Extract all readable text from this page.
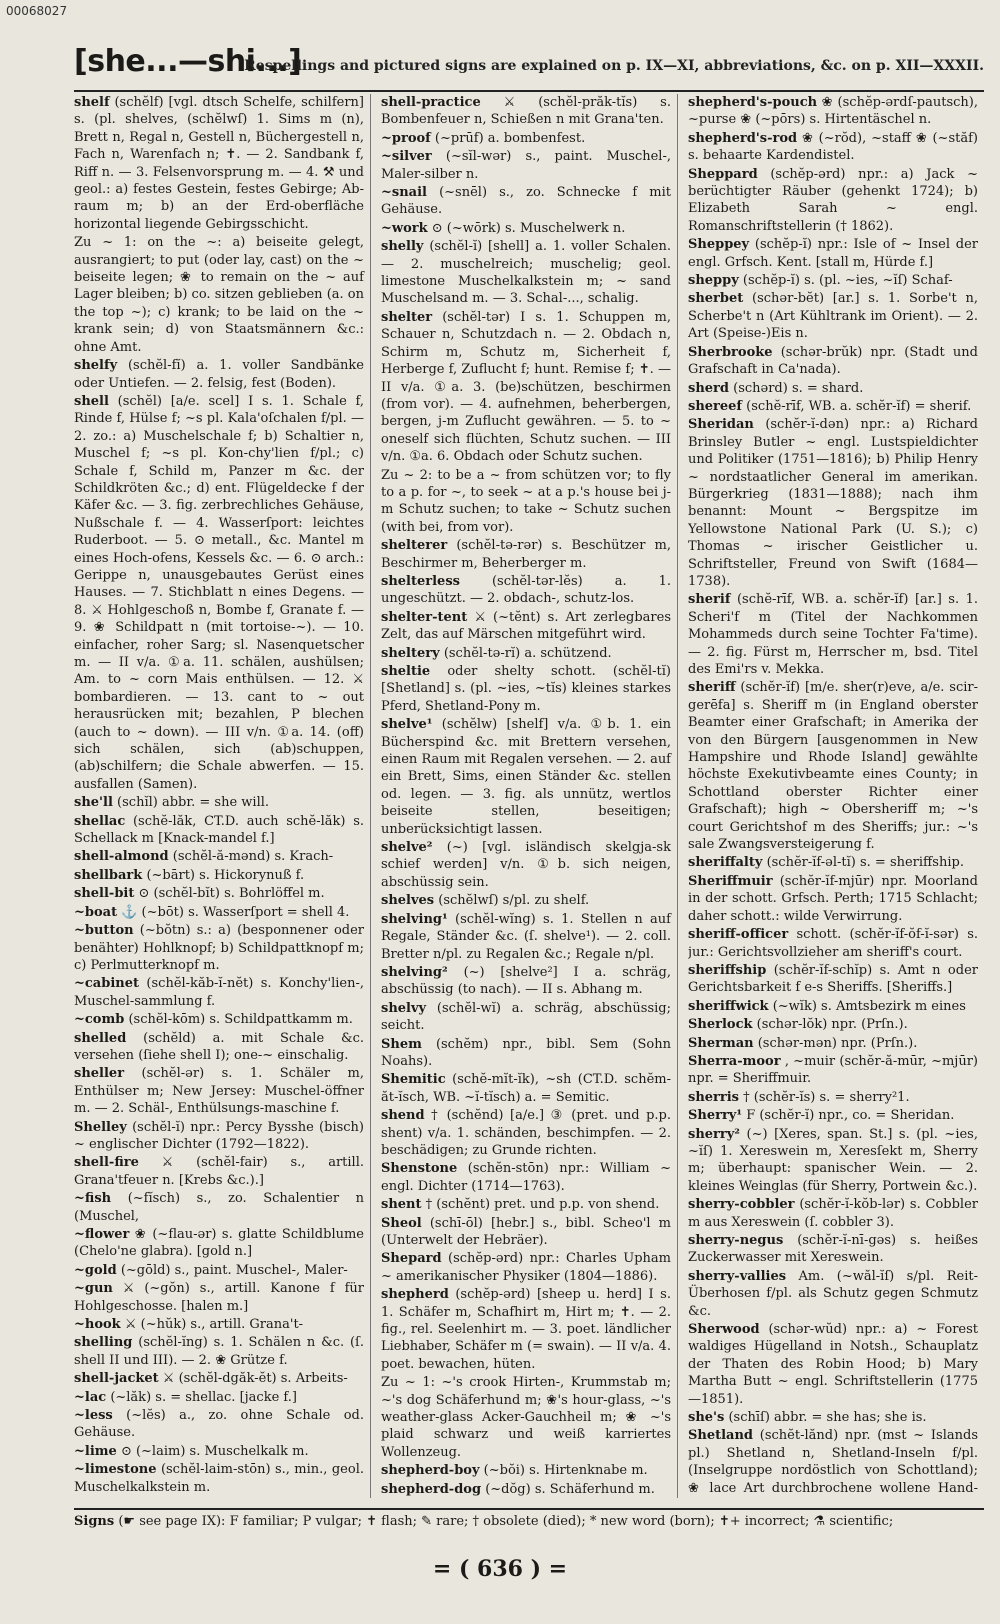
00068027
[she...—shi...]
Respellings and pictured signs are explained on p. IX—XI, abbreviations, &c. on p. XII—XXXII.

shelf (schĕlf) [vgl. dtsch Schelfe, schilfern] s. (pl. shelves, (schĕlwſ) 1. Sims m (n), Brett n, Regal n, Gestell n, Büchergestell n, Fach n, Warenfach n; ✝. — 2. Sandbank f, Riff n. — 3. Felsenvorsprung m. — 4. ⚒ und geol.: a) festes Gestein, festes Gebirge; Ab-raum m; b) an der Erd-oberfläche horizontal liegende Gebirgsschicht.

Zu ~ 1: on the ~: a) beiseite gelegt, ausrangiert; to put (oder lay, cast) on the ~ beiseite legen; ❀ to remain on the ~ auf Lager bleiben; b) co. sitzen geblieben (a. on the top ~); c) krank; to be laid on the ~ krank sein; d) von Staatsmännern &c.: ohne Amt.

shelfy (schĕl-fĭ) a. 1. voller Sandbänke oder Untiefen. — 2. felsig, fest (Boden).

shell (schĕl) [a/e. scel] I s. 1. Schale f, Rinde f, Hülse f; ~s pl. Kala'oſchalen f/pl. — 2. zo.: a) Muschelschale f; b) Schaltier n, Muschel f; ~s pl. Kon-chy'lien f/pl.; c) Schale f, Schild m, Panzer m &c. der Schildkröten &c.; d) ent. Flügeldecke f der Käfer &c. — 3. fig. zerbrechliches Gehäuse, Nußschale f. — 4. Wasserſport: leichtes Ruderboot. — 5. ⊙ metall., &c. Mantel m eines Hoch-ofens, Kessels &c. — 6. ⊙ arch.: Gerippe n, unausgebautes Gerüst eines Hauses. — 7. Stichblatt n eines Degens. — 8. ⚔ Hohlgeschoß n, Bombe f, Granate f. — 9. ❀ Schildpatt n (mit tortoise-~). — 10. einfacher, roher Sarg; sl. Nasenquetscher m. — II v/a. ①a. 11. schälen, aushülsen; Am. to ~ corn Mais enthülsen. — 12. ⚔ bombardieren. — 13. cant to ~ out herausrücken mit; bezahlen, P blechen (auch to ~ down). — III v/n. ①a. 14. (off) sich schälen, sich (ab)schuppen, (ab)schilfern; die Schale abwerfen. — 15. ausfallen (Samen).

she'll (schĭl) abbr. = she will.

shellac (schĕ-lăk, CT.D. auch schĕ-lăk) s. Schellack m [Knack-mandel f.]

shell-almond (schĕl-ă-mənd) s. Krach-

shellbark (~bārt) s. Hickorynuß f.

shell-bit ⊙ (schĕl-bĭt) s. Bohrlöffel m.

~boat ⚓ (~bōt) s. Wasserſport = shell 4.

~button (~bŏtn) s.: a) (besponnener oder benähter) Hohlknopf; b) Schildpattknopf m; c) Perlmutterknopf m.

~cabinet (schĕl-kăb-ĭ-nĕt) s. Konchy'lien-, Muschel-sammlung f.

~comb (schĕl-kōm) s. Schildpattkamm m.

shelled (schĕld) a. mit Schale &c. versehen (ſiehe shell I); one-~ einschalig.

sheller (schĕl-ər) s. 1. Schäler m, Enthülser m; New Jersey: Muschel-öffner m. — 2. Schäl-, Enthülsungs-maschine f.

Shelley (schĕl-ĭ) npr.: Percy Bysshe (bisch) ~ englischer Dichter (1792—1822).

shell-fire ⚔ (schĕl-fair) s., artill. Grana'tfeuer n. [Krebs &c.).]

~fish (~fĭsch) s., zo. Schalentier n (Muschel,

~flower ❀ (~flau-ər) s. glatte Schildblume (Chelo'ne glabra). [gold n.]

~gold (~gōld) s., paint. Muschel-, Maler-

~gun ⚔ (~gŏn) s., artill. Kanone f für Hohlgeschosse. [halen m.]

~hook ⚔ (~hŭk) s., artill. Grana't-

shelling (schĕl-ĭng) s. 1. Schälen n &c. (ſ. shell II und III). — 2. ❀ Grütze f.

shell-jacket ⚔ (schĕl-dgăk-ĕt) s. Arbeits-

~lac (~lăk) s. = shellac. [jacke f.]

~less (~lĕs) a., zo. ohne Schale od. Gehäuse.

~lime ⊙ (~laim) s. Muschelkalk m.

~limestone (schĕl-laim-stōn) s., min., geol. Muschelkalkstein m.

shell-practice ⚔ (schĕl-prăk-tĭs) s. Bombenfeuer n, Schießen n mit Grana'ten.

~proof (~prūf) a. bombenfest.

~silver (~sĭl-wər) s., paint. Muschel-, Maler-silber n.

~snail (~snēl) s., zo. Schnecke f mit Gehäuse.

~work ⊙ (~wōrk) s. Muschelwerk n.

shelly (schĕl-ĭ) [shell] a. 1. voller Schalen. — 2. muschelreich; muschelig; geol. limestone Muschelkalkstein m; ~ sand Muschelsand m. — 3. Schal-..., schalig.

shelter (schĕl-tər) I s. 1. Schuppen m, Schauer n, Schutzdach n. — 2. Obdach n, Schirm m, Schutz m, Sicherheit f, Herberge f, Zuflucht f; hunt. Remise f; ✝. — II v/a. ①a. 3. (be)schützen, beschirmen (from vor). — 4. aufnehmen, beherbergen, bergen, j-m Zuflucht gewähren. — 5. to ~ oneself sich flüchten, Schutz suchen. — III v/n. ①a. 6. Obdach oder Schutz suchen.

Zu ~ 2: to be a ~ from schützen vor; to fly to a p. for ~, to seek ~ at a p.'s house bei j-m Schutz suchen; to take ~ Schutz suchen (with bei, from vor).

shelterer (schĕl-tə-rər) s. Beschützer m, Beschirmer m, Beherberger m.

shelterless (schĕl-tər-lĕs) a. 1. ungeschützt. — 2. obdach-, schutz-los.

shelter-tent ⚔ (~tĕnt) s. Art zerlegbares Zelt, das auf Märschen mitgeführt wird.

sheltery (schĕl-tə-rĭ) a. schützend.

sheltie oder shelty schott. (schĕl-tĭ) [Shetland] s. (pl. ~ies, ~tĭs) kleines starkes Pferd, Shetland-Pony m.

shelve¹ (schĕlw) [shelf] v/a. ①b. 1. ein Bücherspind &c. mit Brettern versehen, einen Raum mit Regalen versehen. — 2. auf ein Brett, Sims, einen Ständer &c. stellen od. legen. — 3. fig. als unnütz, wertlos beiseite stellen, beseitigen; unberücksichtigt lassen.

shelve² (~) [vgl. isländisch skelgja-sk schief werden] v/n. ①b. sich neigen, abschüssig sein.

shelves (schĕlwſ) s/pl. zu shelf.

shelving¹ (schĕl-wĭng) s. 1. Stellen n auf Regale, Ständer &c. (ſ. shelve¹). — 2. coll. Bretter n/pl. zu Regalen &c.; Regale n/pl.

shelving² (~) [shelve²] I a. schräg, abschüssig (to nach). — II s. Abhang m.

shelvy (schĕl-wĭ) a. schräg, abschüssig; seicht.

Shem (schĕm) npr., bibl. Sem (Sohn Noahs).

Shemitic (schĕ-mĭt-ĭk), ~sh (CT.D. schĕm-ăt-ĭsch, WB. ~ĭ-tĭsch) a. = Semitic.

shend † (schĕnd) [a/e.] ③ (pret. und p.p. shent) v/a. 1. schänden, beschimpfen. — 2. beschädigen; zu Grunde richten.

Shenstone (schĕn-stōn) npr.: William ~ engl. Dichter (1714—1763).

shent † (schĕnt) pret. und p.p. von shend.

Sheol (schī-ōl) [hebr.] s., bibl. Scheo'l m (Unterwelt der Hebräer).

Shepard (schĕp-ərd) npr.: Charles Upham ~ amerikanischer Physiker (1804—1886).

shepherd (schĕp-ərd) [sheep u. herd] I s. 1. Schäfer m, Schafhirt m, Hirt m; ✝. — 2. fig., rel. Seelenhirt m. — 3. poet. ländlicher Liebhaber, Schäfer m (= swain). — II v/a. 4. poet. bewachen, hüten.

Zu ~ 1: ~'s crook Hirten-, Krummstab m; ~'s dog Schäferhund m; ❀'s hour-glass, ~'s weather-glass Acker-Gauchheil m; ❀ ~'s plaid schwarz und weiß karriertes Wollenzeug.

shepherd-boy (~bŏi) s. Hirtenknabe m.

shepherd-dog (~dŏg) s. Schäferhund m.

shepherd's-pouch ❀ (schĕp-ərdſ-pautsch), ~purse ❀ (~pōrs) s. Hirtentäschel n.

shepherd's-rod ❀ (~rŏd), ~staff ❀ (~stăf) s. behaarte Kardendistel.

Sheppard (schĕp-ərd) npr.: a) Jack ~ berüchtigter Räuber (gehenkt 1724); b) Elizabeth Sarah ~ engl. Romanschriftstellerin († 1862).

Sheppey (schĕp-ĭ) npr.: Isle of ~ Insel der engl. Grfsch. Kent. [stall m, Hürde f.]

sheppy (schĕp-ĭ) s. (pl. ~ies, ~ĭſ) Schaf-

sherbet (schər-bĕt) [ar.] s. 1. Sorbe't n, Scherbe't n (Art Kühltrank im Orient). — 2. Art (Speise-)Eis n.

Sherbrooke (schər-brŭk) npr. (Stadt und Grafschaft in Ca'nada).

sherd (schərd) s. = shard.

shereef (schĕ-rīf, WB. a. schĕr-ĭf) = sherif.

Sheridan (schĕr-ĭ-dən) npr.: a) Richard Brinsley Butler ~ engl. Lustspieldichter und Politiker (1751—1816); b) Philip Henry ~ nordstaatlicher General im amerikan. Bürgerkrieg (1831—1888); nach ihm benannt: Mount ~ Bergspitze im Yellowstone National Park (U. S.); c) Thomas ~ irischer Geistlicher u. Schriftsteller, Freund von Swift (1684—1738).

sherif (schĕ-rīf, WB. a. schĕr-ĭf) [ar.] s. 1. Scheri'f m (Titel der Nachkommen Mohammeds durch seine Tochter Fa'time). — 2. fig. Fürst m, Herrscher m, bsd. Titel des Emi'rs v. Mekka.

sheriff (schĕr-ĭf) [m/e. sher(r)eve, a/e. scir-gerēfa] s. Sheriff m (in England oberster Beamter einer Grafschaft; in Amerika der von den Bürgern [ausgenommen in New Hampshire und Rhode Island] gewählte höchste Exekutivbeamte eines County; in Schottland oberster Richter einer Grafschaft); high ~ Obersheriff m; ~'s court Gerichtshof m des Sheriffs; jur.: ~'s sale Zwangsversteigerung f.

sheriffalty (schĕr-ĭf-əl-tĭ) s. = sheriffship.

Sheriffmuir (schĕr-ĭf-mjūr) npr. Moorland in der schott. Grfsch. Perth; 1715 Schlacht; daher schott.: wilde Verwirrung.

sheriff-officer schott. (schĕr-ĭf-ŏf-ĭ-sər) s. jur.: Gerichtsvollzieher am sheriff's court.

sheriffship (schĕr-ĭf-schĭp) s. Amt n oder Gerichtsbarkeit f e-s Sheriffs. [Sheriffs.]

sheriffwick (~wĭk) s. Amtsbezirk m eines

Sherlock (schər-lŏk) npr. (Prſn.).

Sherman (schər-mən) npr. (Prſn.).

Sherra-moor , ~muir (schĕr-ă-mūr, ~mjūr) npr. = Sheriffmuir.

sherris † (schĕr-ĭs) s. = sherry²1.

Sherry¹ F (schĕr-ĭ) npr., co. = Sheridan.

sherry² (~) [Xeres, span. St.] s. (pl. ~ies, ~ĭſ) 1. Xereswein m, Xeresſekt m, Sherry m; überhaupt: spanischer Wein. — 2. kleines Weinglas (für Sherry, Portwein &c.).

sherry-cobbler (schĕr-ĭ-kŏb-lər) s. Cobbler m aus Xereswein (ſ. cobbler 3).

sherry-negus (schĕr-ĭ-nī-gəs) s. heißes Zuckerwasser mit Xereswein.

sherry-vallies Am. (~wăl-ĭſ) s/pl. Reit-Überhosen f/pl. als Schutz gegen Schmutz &c.

Sherwood (schər-wŭd) npr.: a) ~ Forest waldiges Hügelland in Notsh., Schauplatz der Thaten des Robin Hood; b) Mary Martha Butt ~ engl. Schriftstellerin (1775—1851).

she's (schīſ) abbr. = she has; she is.

Shetland (schĕt-lănd) npr. (mst ~ Islands pl.) Shetland n, Shetland-Inseln f/pl. (Inselgruppe nordöstlich von Schottland); ❀ lace Art durchbrochene wollene Hand-

Signs (☛ see page IX): F familiar; P vulgar; ✝ flash; ✎ rare; † obsolete (died); * new word (born); ✝+ incorrect; ⚗ scientific;
= ( 636 ) =
